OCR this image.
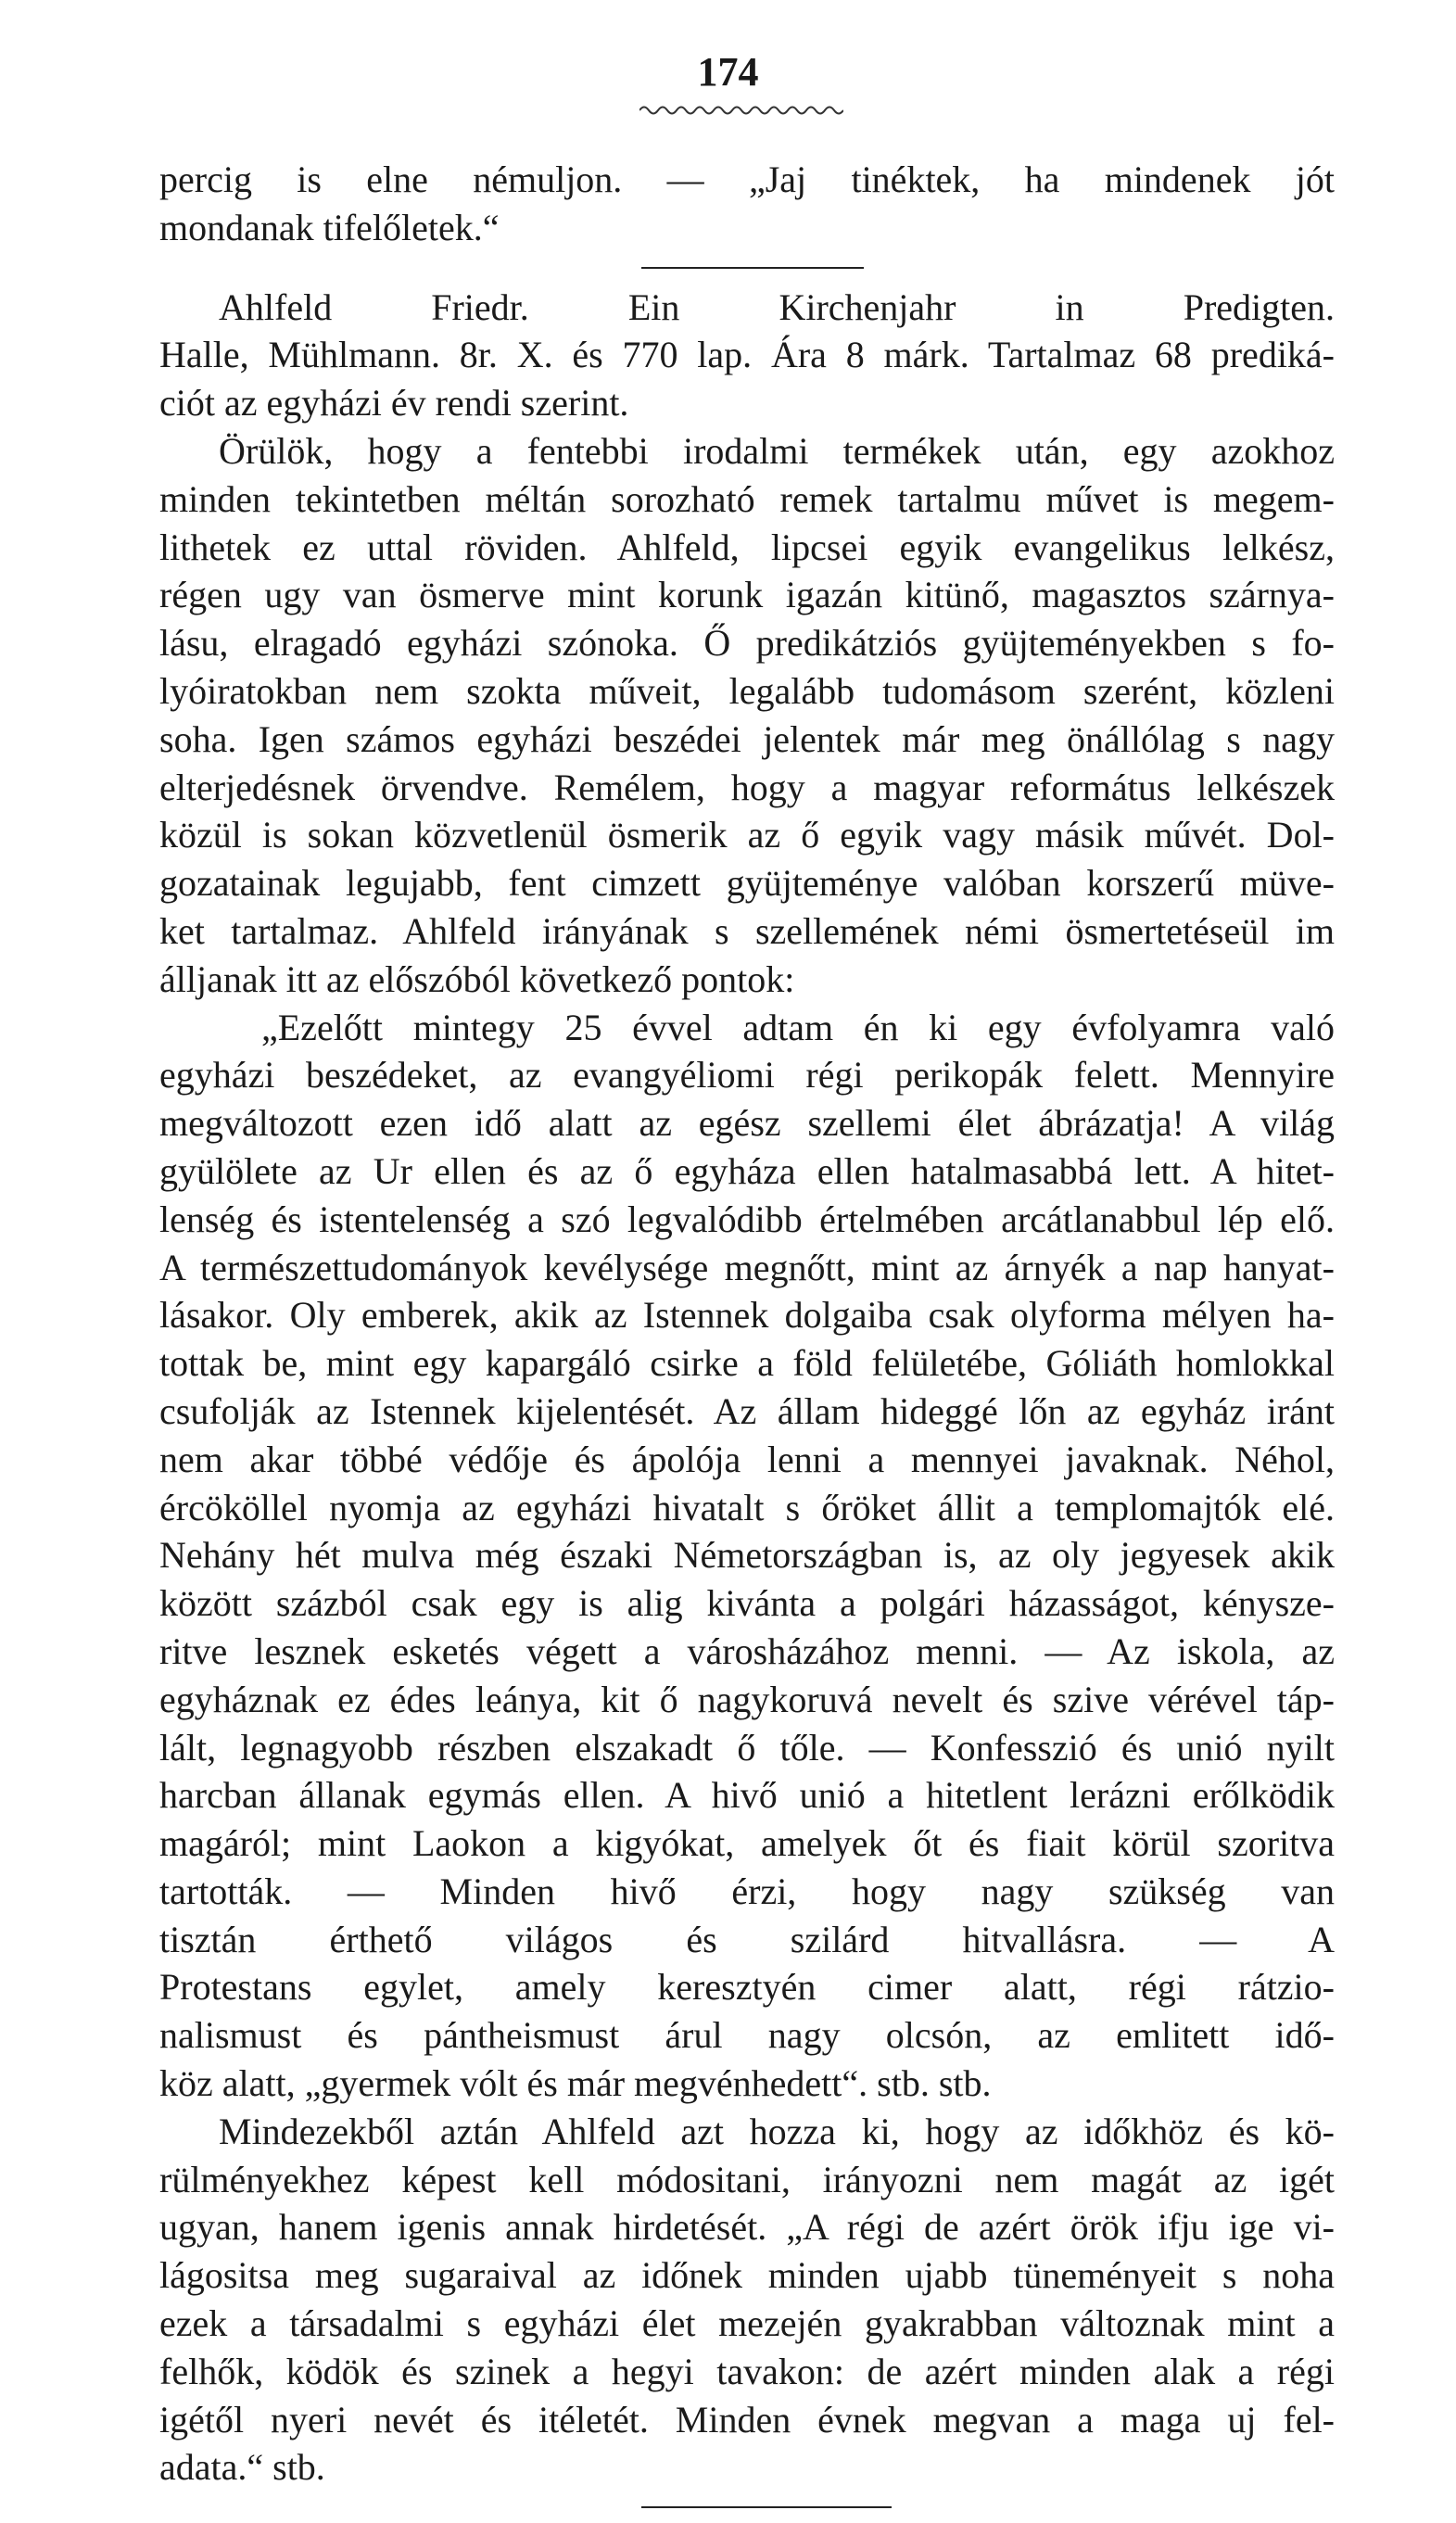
174
percig is elne némuljon. — „Jaj tinéktek, ha mindenek jót
mondanak tifelőletek.“
Ahlfeld Friedr. Ein Kirchenjahr in Predigten.
Halle, Mühlmann. 8r. X. és 770 lap. Ára 8 márk. Tartalmaz 68 prediká-
ciót az egyházi év rendi szerint.
Örülök, hogy a fentebbi irodalmi termékek után, egy azokhoz
minden tekintetben méltán sorozható remek tartalmu művet is megem-
lithetek ez uttal röviden. Ahlfeld, lipcsei egyik evangelikus lelkész,
régen ugy van ösmerve mint korunk igazán kitünő, magasztos szárnya-
lásu, elragadó egyházi szónoka. Ő predikátziós gyüjteményekben s fo-
lyóiratokban nem szokta műveit, legalább tudomásom szerént, közleni
soha. Igen számos egyházi beszédei jelentek már meg önállólag s nagy
elterjedésnek örvendve. Remélem, hogy a magyar református lelkészek
közül is sokan közvetlenül ösmerik az ő egyik vagy másik művét. Dol-
gozatainak legujabb, fent cimzett gyüjteménye valóban korszerű müve-
ket tartalmaz. Ahlfeld irányának s szellemének némi ösmertetéseül im
álljanak itt az előszóból következő pontok:
„Ezelőtt mintegy 25 évvel adtam én ki egy évfolyamra való
egyházi beszédeket, az evangyéliomi régi perikopák felett. Mennyire
megváltozott ezen idő alatt az egész szellemi élet ábrázatja! A világ
gyülölete az Ur ellen és az ő egyháza ellen hatalmasabbá lett. A hitet-
lenség és istentelenség a szó legvalódibb értelmében arcátlanabbul lép elő.
A természettudományok kevélysége megnőtt, mint az árnyék a nap hanyat-
lásakor. Oly emberek, akik az Istennek dolgaiba csak olyforma mélyen ha-
tottak be, mint egy kapargáló csirke a föld felületébe, Góliáth homlokkal
csufolják az Istennek kijelentését. Az állam hideggé lőn az egyház iránt
nem akar többé védője és ápolója lenni a mennyei javaknak. Néhol,
ércököllel nyomja az egyházi hivatalt s őröket állit a templomajtók elé.
Nehány hét mulva még északi Németországban is, az oly jegyesek akik
között százból csak egy is alig kivánta a polgári házasságot, kénysze-
ritve lesznek esketés végett a városházához menni. — Az iskola, az
egyháznak ez édes leánya, kit ő nagykoruvá nevelt és szive vérével táp-
lált, legnagyobb részben elszakadt ő tőle. — Konfesszió és unió nyilt
harcban állanak egymás ellen. A hivő unió a hitetlent lerázni erőlködik
magáról; mint Laokon a kigyókat, amelyek őt és fiait körül szoritva
tartották. — Minden hivő érzi, hogy nagy szükség van
tisztán érthető világos és szilárd hitvallásra. — A
Protestans egylet, amely keresztyén cimer alatt, régi rátzio-
nalismust és pántheismust árul nagy olcsón, az emlitett idő-
köz alatt, „gyermek vólt és már megvénhedett“. stb. stb.
Mindezekből aztán Ahlfeld azt hozza ki, hogy az időkhöz és kö-
rülményekhez képest kell módositani, irányozni nem magát az igét
ugyan, hanem igenis annak hirdetését. „A régi de azért örök ifju ige vi-
lágositsa meg sugaraival az időnek minden ujabb tüneményeit s noha
ezek a társadalmi s egyházi élet mezején gyakrabban változnak mint a
felhők, ködök és szinek a hegyi tavakon: de azért minden alak a régi
igétől nyeri nevét és itéletét. Minden évnek megvan a maga uj fel-
adata.“ stb.
